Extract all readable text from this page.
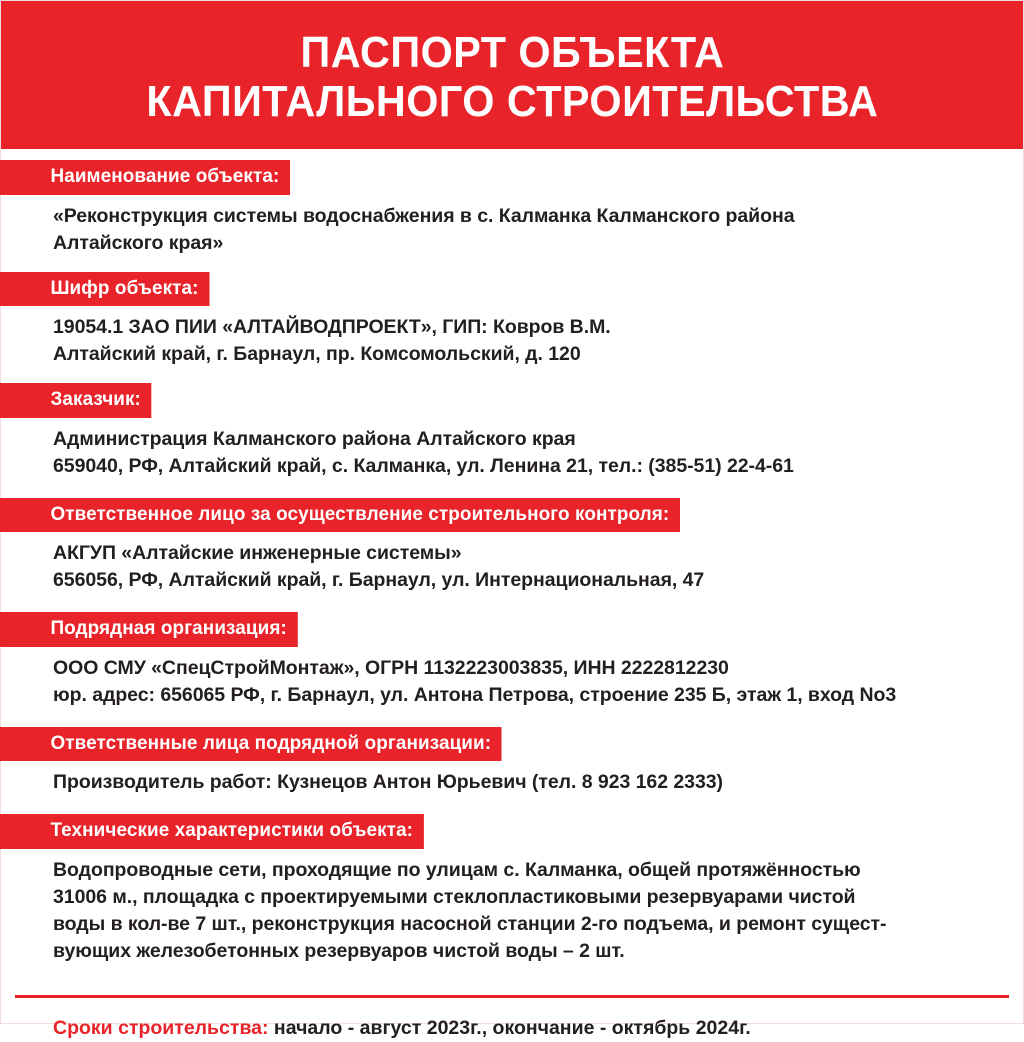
ПАСПОРТ ОБЪЕКТА
КАПИТАЛЬНОГО СТРОИТЕЛЬСТВА
Наименование объекта:
«Реконструкция системы водоснабжения в с. Калманка Калманского района
Алтайского края»
Шифр объекта:
19054.1 ЗАО ПИИ «АЛТАЙВОДПРОЕКТ», ГИП: Ковров В.М.
Алтайский край, г. Барнаул, пр. Комсомольский, д. 120
Заказчик:
Администрация Калманского района Алтайского края
659040, РФ, Алтайский край, с. Калманка, ул. Ленина 21, тел.: (385-51) 22-4-61
Ответственное лицо за осуществление строительного контроля:
АКГУП «Алтайские инженерные системы»
656056, РФ, Алтайский край, г. Барнаул, ул. Интернациональная, 47
Подрядная организация:
ООО СМУ «СпецСтройМонтаж», ОГРН 1132223003835, ИНН 2222812230
юр. адрес: 656065 РФ, г. Барнаул, ул. Антона Петрова, строение 235 Б, этаж 1, вход No3
Ответственные лица подрядной организации:
Производитель работ: Кузнецов Антон Юрьевич (тел. 8 923 162 2333)
Технические характеристики объекта:
Водопроводные сети, проходящие по улицам с. Калманка, общей протяжённостью
31006 м., площадка с проектируемыми стеклопластиковыми резервуарами чистой
воды в кол-ве 7 шт., реконструкция насосной станции 2-го подъема, и ремонт сущест-
вующих железобетонных резервуаров чистой воды – 2 шт.
Сроки строительства: начало - август 2023г., окончание - октябрь 2024г.
